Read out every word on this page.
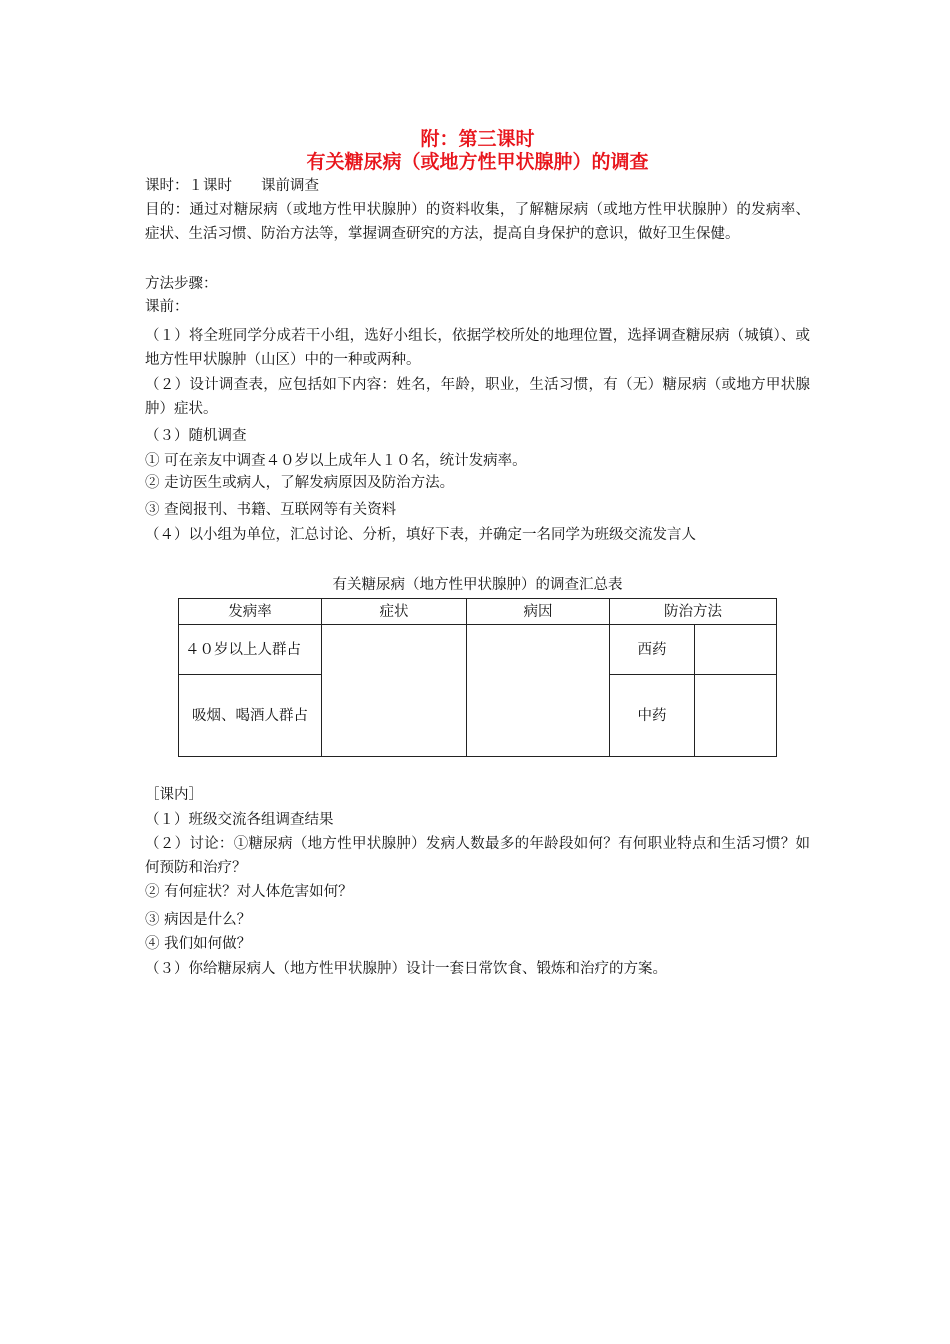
附：第三课时
有关糖尿病（或地方性甲状腺肿）的调查
课时：１课时　　课前调查
目的：通过对糖尿病（或地方性甲状腺肿）的资料收集，了解糖尿病（或地方性甲状腺肿）的发病率、症状、生活习惯、防治方法等，掌握调查研究的方法，提高自身保护的意识，做好卫生保健。
方法步骤：
课前：
（１）将全班同学分成若干小组，选好小组长，依据学校所处的地理位置，选择调查糖尿病（城镇）、或地方性甲状腺肿（山区）中的一种或两种。
（２）设计调查表，应包括如下内容：姓名，年龄，职业，生活习惯，有（无）糖尿病（或地方甲状腺肿）症状。
（３）随机调查
① 可在亲友中调查４０岁以上成年人１０名，统计发病率。
② 走访医生或病人，了解发病原因及防治方法。
③ 查阅报刊、书籍、互联网等有关资料
（４）以小组为单位，汇总讨论、分析，填好下表，并确定一名同学为班级交流发言人
有关糖尿病（地方性甲状腺肿）的调查汇总表
发病率	症状	病因	防治方法	
４０岁以上人群占			西药	
吸烟、喝酒人群占			中药	
［课内］
（１）班级交流各组调查结果
（２）讨论：①糖尿病（地方性甲状腺肿）发病人数最多的年龄段如何？有何职业特点和生活习惯？如何预防和治疗？
② 有何症状？对人体危害如何？
③ 病因是什么？
④ 我们如何做？
（３）你给糖尿病人（地方性甲状腺肿）设计一套日常饮食、锻炼和治疗的方案。
